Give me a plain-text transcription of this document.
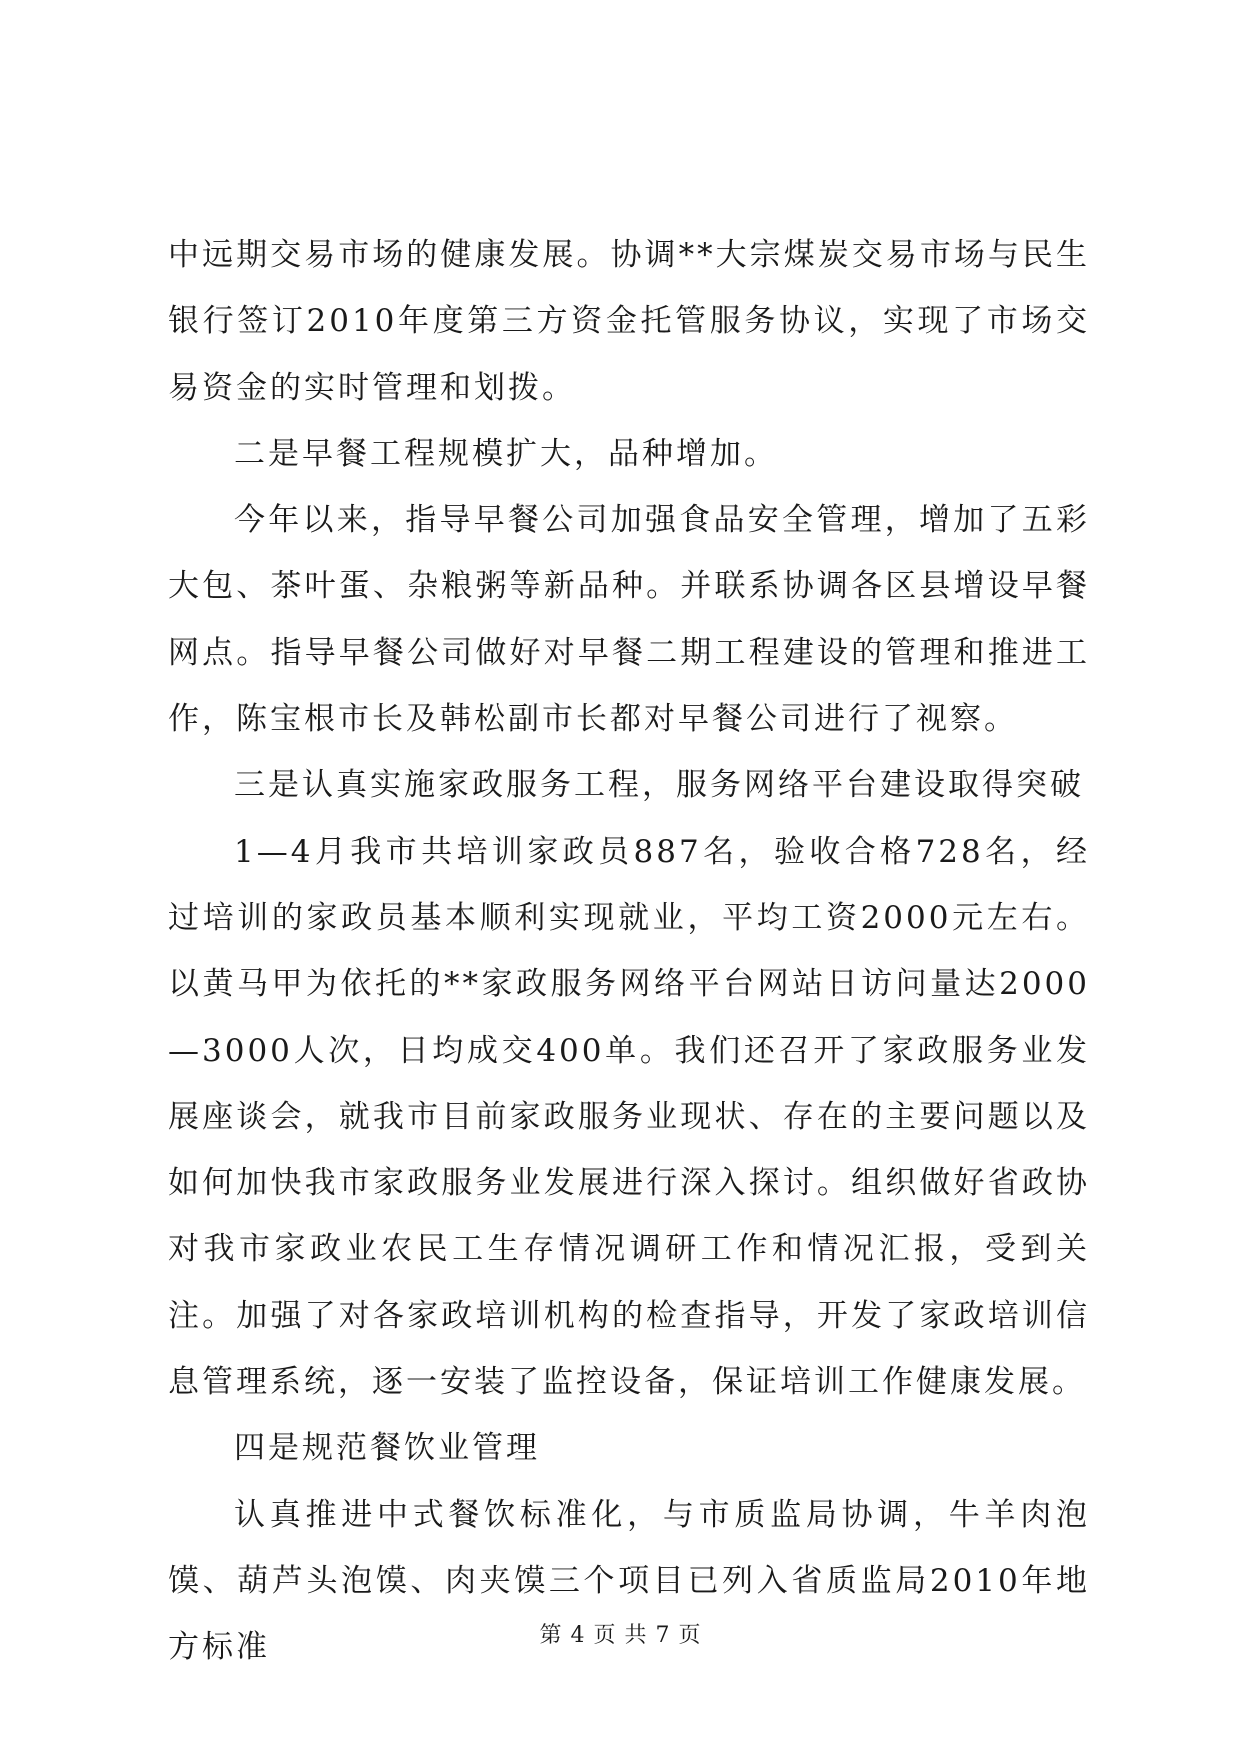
中远期交易市场的健康发展。协调**大宗煤炭交易市场与民生银行签订2010年度第三方资金托管服务协议，实现了市场交易资金的实时管理和划拨。

二是早餐工程规模扩大，品种增加。

今年以来，指导早餐公司加强食品安全管理，增加了五彩大包、茶叶蛋、杂粮粥等新品种。并联系协调各区县增设早餐网点。指导早餐公司做好对早餐二期工程建设的管理和推进工作，陈宝根市长及韩松副市长都对早餐公司进行了视察。

三是认真实施家政服务工程，服务网络平台建设取得突破

1—4月我市共培训家政员887名，验收合格728名，经过培训的家政员基本顺利实现就业，平均工资2000元左右。以黄马甲为依托的**家政服务网络平台网站日访问量达2000—3000人次，日均成交400单。我们还召开了家政服务业发展座谈会，就我市目前家政服务业现状、存在的主要问题以及如何加快我市家政服务业发展进行深入探讨。组织做好省政协对我市家政业农民工生存情况调研工作和情况汇报，受到关注。加强了对各家政培训机构的检查指导，开发了家政培训信息管理系统，逐一安装了监控设备，保证培训工作健康发展。

四是规范餐饮业管理

认真推进中式餐饮标准化，与市质监局协调，牛羊肉泡馍、葫芦头泡馍、肉夹馍三个项目已列入省质监局2010年地方标准	第 4 页 共 7 页
